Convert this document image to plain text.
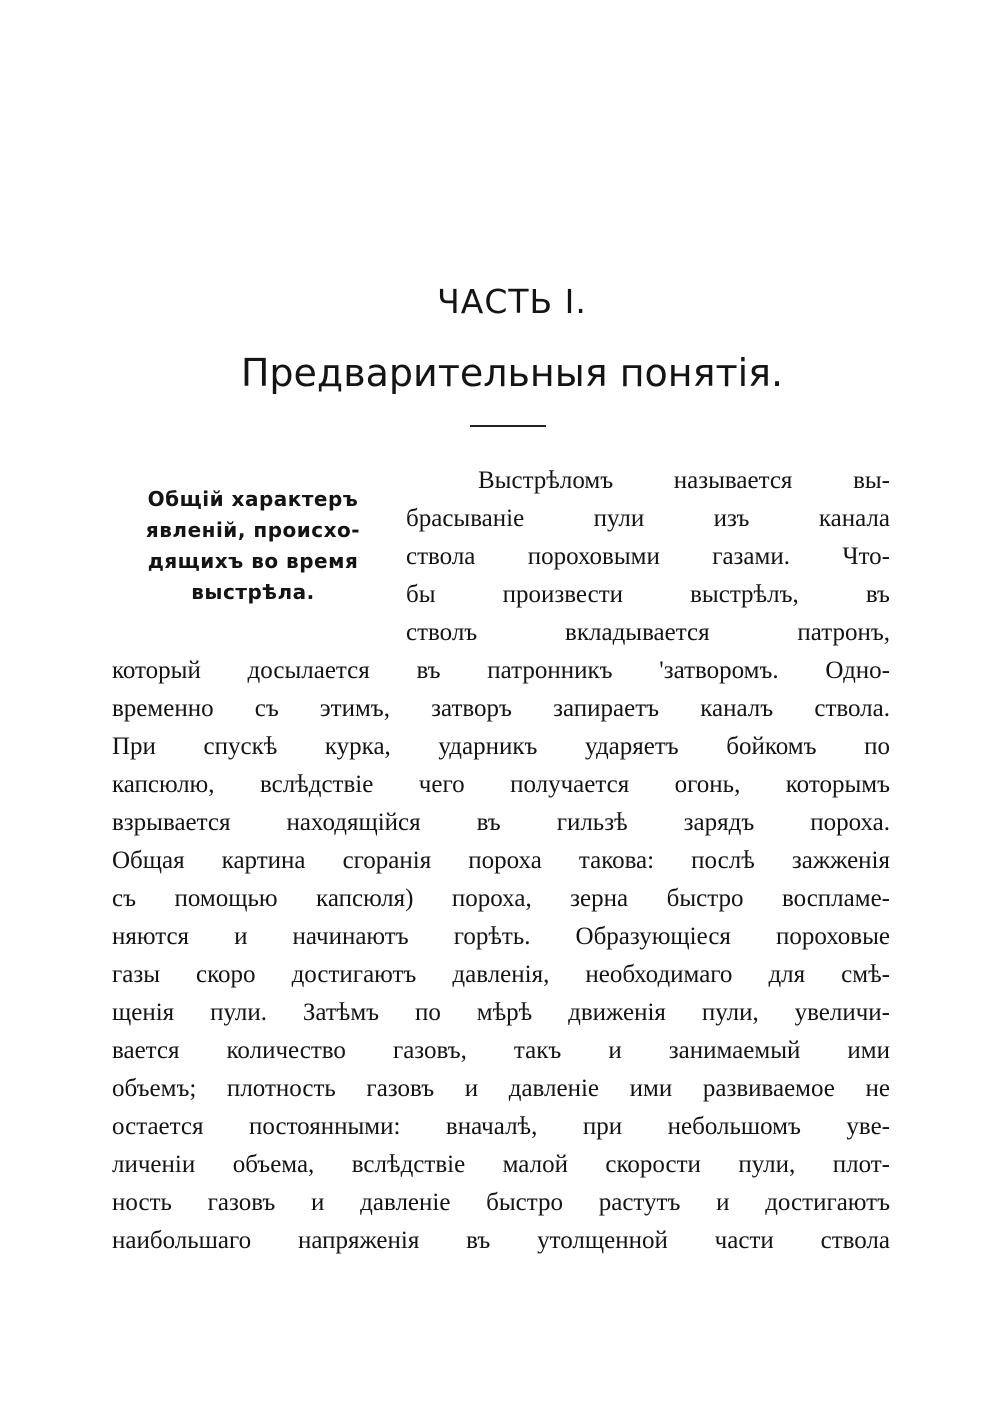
ЧАСТЬ I.
Предварительныя понятія.
Общій характеръ
явленій, происхо-
дящихъ во время
выстрѣла.
Выстрѣломъ называется вы-
брасываніе пули изъ канала
ствола пороховыми газами. Что-
бы произвести выстрѣлъ, въ
стволъ вкладывается патронъ,
который досылается въ патронникъ 'затворомъ. Одно-
временно съ этимъ, затворъ запираетъ каналъ ствола.
При спускѣ курка, ударникъ ударяетъ бойкомъ по
капсюлю, вслѣдствіе чего получается огонь, которымъ
взрывается находящійся въ гильзѣ зарядъ пороха.
Общая картина сгоранія пороха такова: послѣ зажженія
съ помощью капсюля) пороха, зерна быстро воспламе-
няются и начинаютъ горѣть. Образующіеся пороховые
газы скоро достигаютъ давленія, необходимаго для смѣ-
щенія пули. Затѣмъ по мѣрѣ движенія пули, увеличи-
вается количество газовъ, такъ и занимаемый ими
объемъ; плотность газовъ и давленіе ими развиваемое не
остается постоянными: вначалѣ, при небольшомъ уве-
личеніи объема, вслѣдствіе малой скорости пули, плот-
ность газовъ и давленіе быстро растутъ и достигаютъ
наибольшаго напряженія въ утолщенной части ствола
